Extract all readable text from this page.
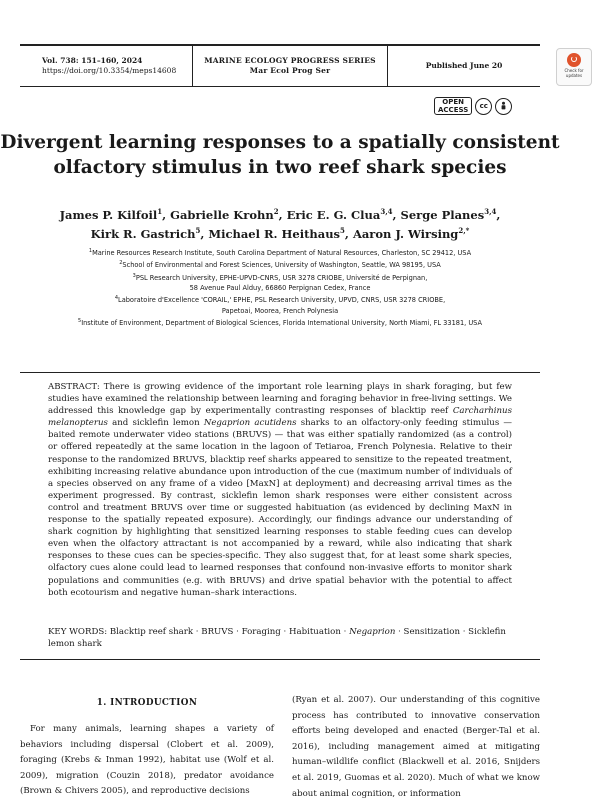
Vol. 738: 151–160, 2024
https://doi.org/10.3354/meps14608
MARINE ECOLOGY PROGRESS SERIES
Mar Ecol Prog Ser
Published June 20
Check for updates
OPEN
ACCESS	cc
Divergent learning responses to a spatially consistent
olfactory stimulus in two reef shark species

James P. Kilfoil$^1$, Gabrielle Krohn$^2$, Eric E. G. Clua$^{3,4}$, Serge Planes$^{3,4}$,
Kirk R. Gastrich$^5$, Michael R. Heithaus$^5$, Aaron J. Wirsing$^{2,*}$

$^1$Marine Resources Research Institute, South Carolina Department of Natural Resources, Charleston, SC 29412, USA
$^2$School of Environmental and Forest Sciences, University of Washington, Seattle, WA 98195, USA
$^3$PSL Research University, EPHE-UPVD-CNRS, USR 3278 CRIOBE, Université de Perpignan,
58 Avenue Paul Alduy, 66860 Perpignan Cedex, France
$^4$Laboratoire d'Excellence 'CORAIL,' EPHE, PSL Research University, UPVD, CNRS, USR 3278 CRIOBE,
Papetoai, Moorea, French Polynesia
$^5$Institute of Environment, Department of Biological Sciences, Florida International University, North Miami, FL 33181, USA

ABSTRACT: There is growing evidence of the important role learning plays in shark foraging, but few studies have examined the relationship between learning and foraging behavior in free-living settings. We addressed this knowledge gap by experimentally contrasting responses of blacktip reef Carcharhinus melanopterus and sicklefin lemon Negaprion acutidens sharks to an olfactory-only feeding stimulus — baited remote underwater video stations (BRUVS) — that was either spatially randomized (as a control) or offered repeatedly at the same location in the lagoon of Tetiaroa, French Polynesia. Relative to their response to the randomized BRUVS, blacktip reef sharks appeared to sensitize to the repeated treatment, exhibiting increasing relative abundance upon introduction of the cue (maximum number of individuals of a species observed on any frame of a video [MaxN] at deployment) and decreasing arrival times as the experiment progressed. By contrast, sicklefin lemon shark responses were either consistent across control and treatment BRUVS over time or suggested habituation (as evidenced by declining MaxN in response to the spatially repeated exposure). Accordingly, our findings advance our understanding of shark cognition by highlighting that sensitized learning responses to stable feeding cues can develop even when the olfactory attractant is not accompanied by a reward, while also indicating that shark responses to these cues can be species-specific. They also suggest that, for at least some shark species, olfactory cues alone could lead to learned responses that confound non-invasive efforts to monitor shark populations and communities (e.g. with BRUVS) and drive spatial behavior with the potential to affect both ecotourism and negative human–shark interactions.

KEY WORDS: Blacktip reef shark · BRUVS · Foraging · Habituation · Negaprion · Sensitization · Sicklefin lemon shark

1. INTRODUCTION

For many animals, learning shapes a variety of behaviors including dispersal (Clobert et al. 2009), foraging (Krebs & Inman 1992), habitat use (Wolf et al. 2009), migration (Couzin 2018), predator avoidance (Brown & Chivers 2005), and reproductive decisions

(Ryan et al. 2007). Our understanding of this cognitive process has contributed to innovative conservation efforts being developed and enacted (Berger-Tal et al. 2016), including management aimed at mitigating human–wildlife conflict (Blackwell et al. 2016, Snijders et al. 2019, Guomas et al. 2020). Much of what we know about animal cognition, or information
